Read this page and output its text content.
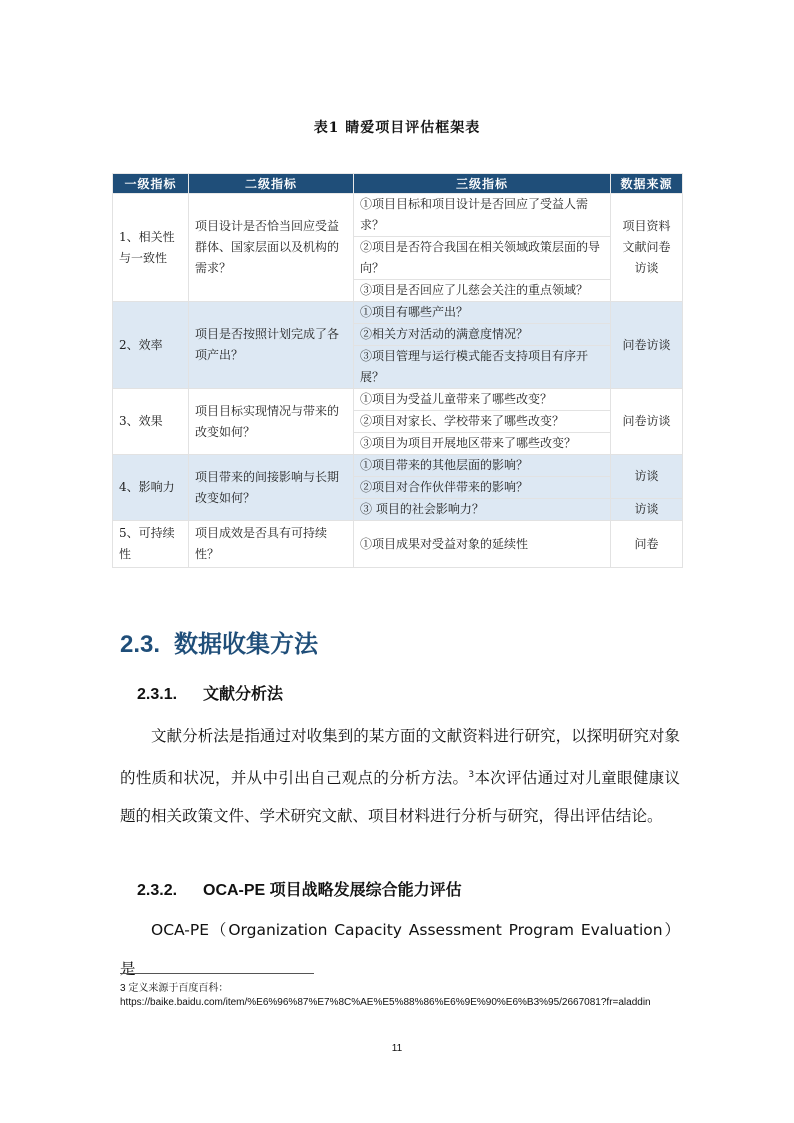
表1 睛爱项目评估框架表
一级指标	二级指标	三级指标	数据来源
1、相关性与一致性	项目设计是否恰当回应受益群体、国家层面以及机构的需求？	①项目目标和项目设计是否回应了受益人需求？	项目资料文献问卷访谈
		②项目是否符合我国在相关领域政策层面的导向？	
		③项目是否回应了儿慈会关注的重点领域？	
2、效率	项目是否按照计划完成了各项产出？	①项目有哪些产出？	问卷访谈
		②相关方对活动的满意度情况？	
		③项目管理与运行模式能否支持项目有序开展？	
3、效果	项目目标实现情况与带来的改变如何？	①项目为受益儿童带来了哪些改变？	问卷访谈
		②项目对家长、学校带来了哪些改变？	
		③项目为项目开展地区带来了哪些改变？	
4、影响力	项目带来的间接影响与长期改变如何？	①项目带来的其他层面的影响？	访谈
		②项目对合作伙伴带来的影响？	
		③ 项目的社会影响力？	访谈
5、可持续性	项目成效是否具有可持续性？	①项目成果对受益对象的延续性	问卷
2.3. 数据收集方法
2.3.1. 文献分析法

文献分析法是指通过对收集到的某方面的文献资料进行研究，以探明研究对象的性质和状况，并从中引出自己观点的分析方法。$^3$本次评估通过对儿童眼健康议题的相关政策文件、学术研究文献、项目材料进行分析与研究，得出评估结论。

2.3.2. OCA-PE 项目战略发展综合能力评估

OCA-PE（Organization Capacity Assessment Program Evaluation）是

3 定义来源于百度百科：
https://baike.baidu.com/item/%E6%96%87%E7%8C%AE%E5%88%86%E6%9E%90%E6%B3%95/2667081?fr=aladdin
11
